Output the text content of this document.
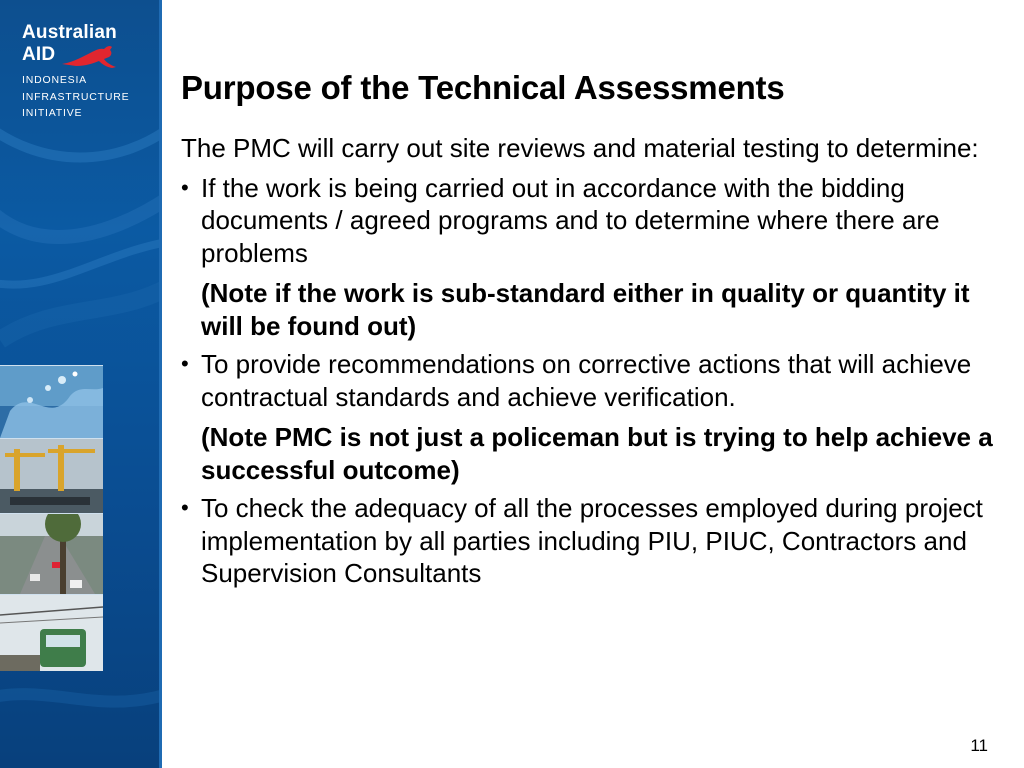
Australian
AID
INDONESIA
INFRASTRUCTURE
INITIATIVE
Purpose of the Technical Assessments
The PMC will carry out site reviews and material testing to determine:
• If the work is being carried out in accordance with the bidding documents / agreed programs and to determine where there are problems
(Note if the work is sub-standard either in quality or quantity it will be found out)
• To provide recommendations on corrective actions that will achieve contractual standards and achieve verification.
(Note PMC is not just a policeman but is trying to help achieve a successful outcome)
• To check the adequacy of all the processes employed during project implementation by all parties including PIU, PIUC, Contractors and Supervision Consultants
11
